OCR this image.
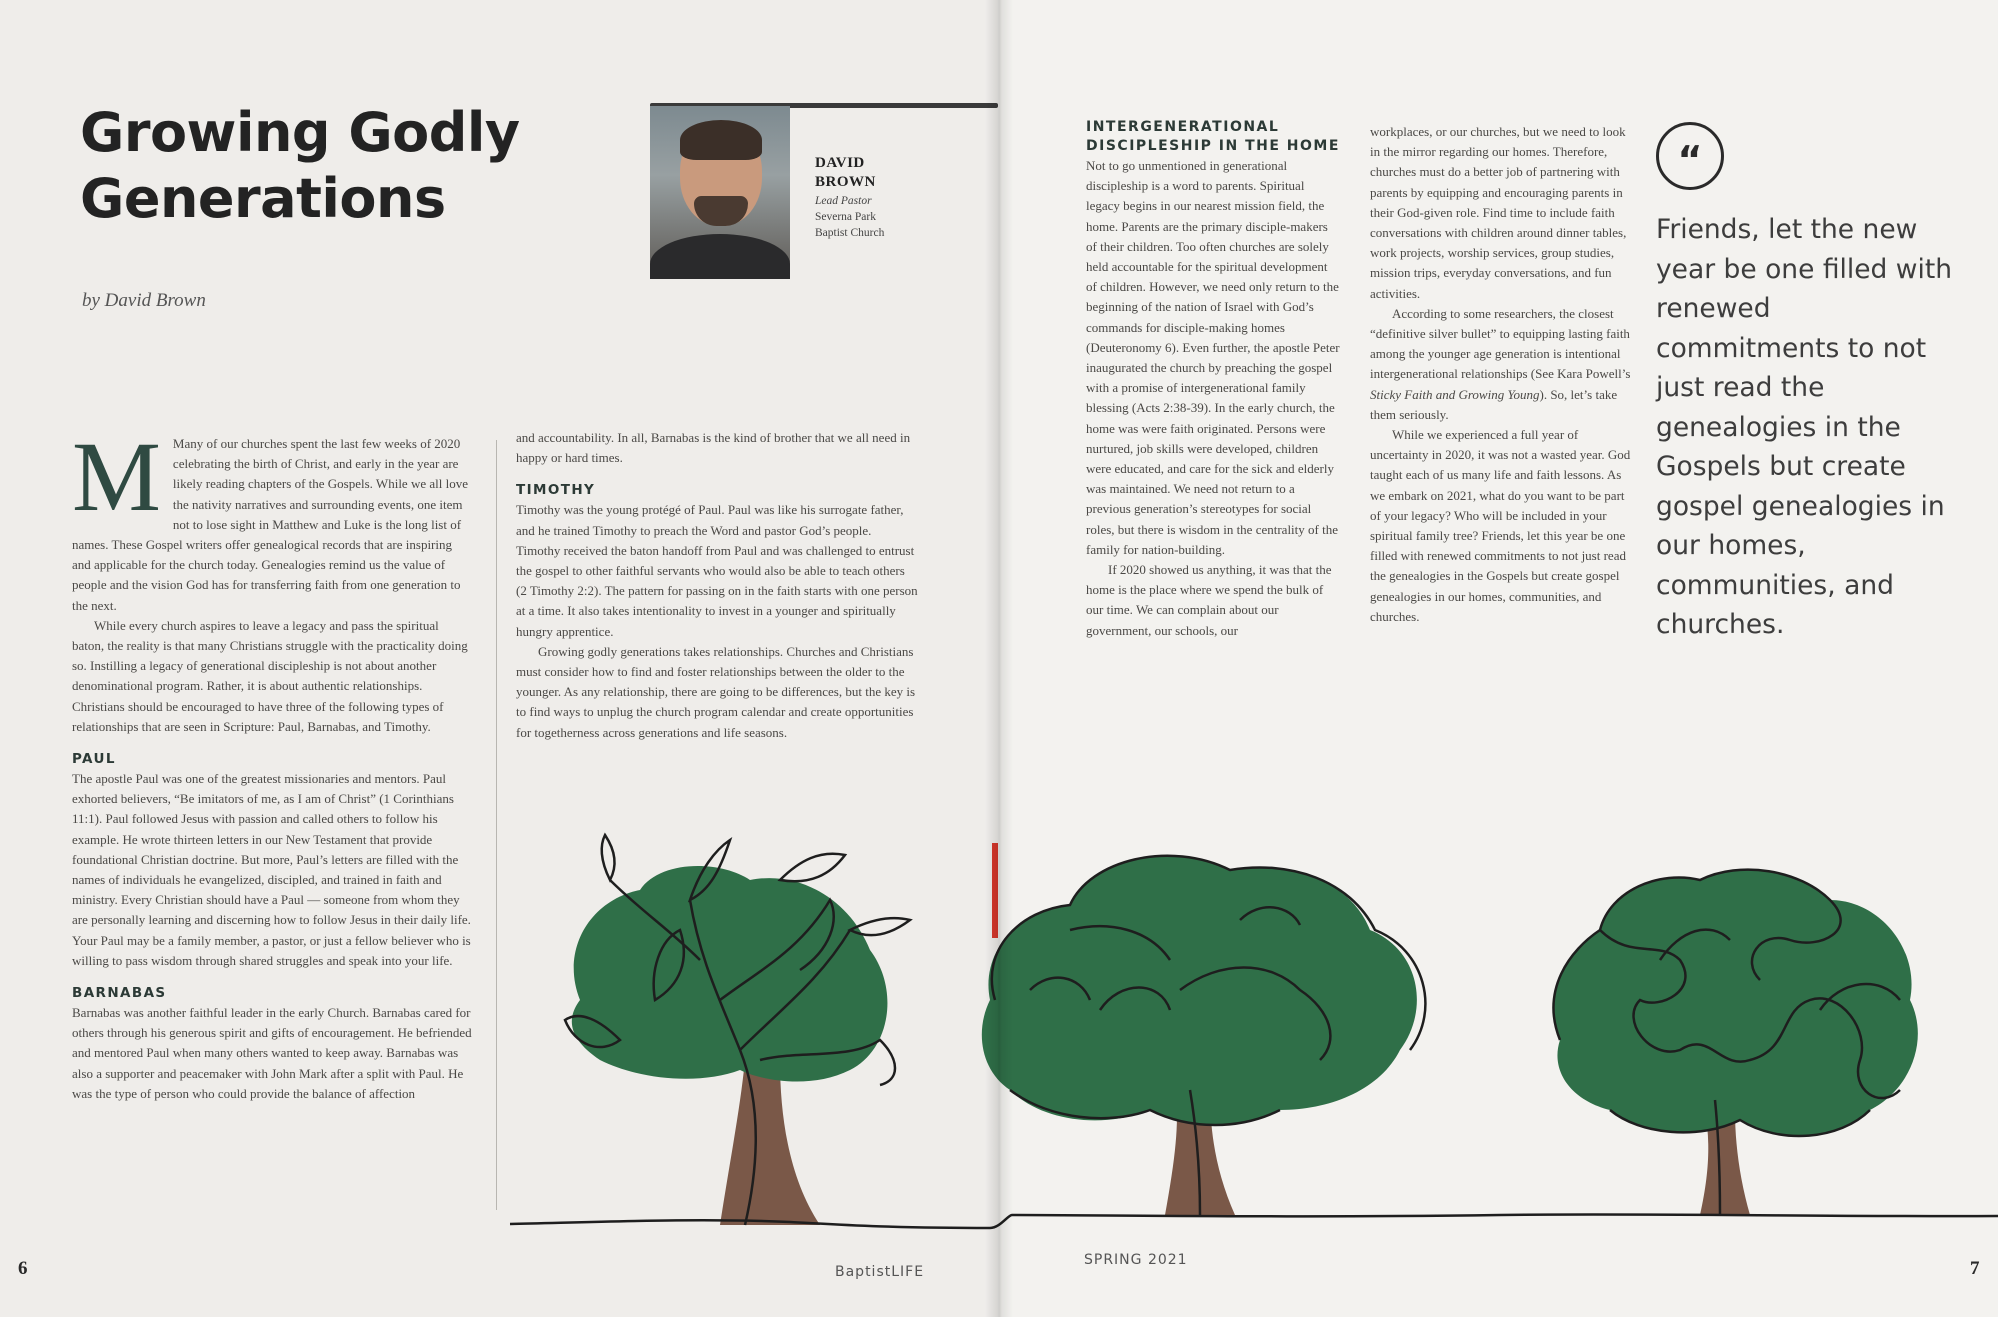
Growing Godly
Generations
by David Brown
DAVID
BROWN
Lead Pastor
Severna Park
Baptist Church

M Many of our churches spent the last few weeks of 2020 celebrating the birth of Christ, and early in the year are likely reading chapters of the Gospels. While we all love the nativity narratives and surrounding events, one item not to lose sight in Matthew and Luke is the long list of names. These Gospel writers offer genealogical records that are inspiring and applicable for the church today. Genealogies remind us the value of people and the vision God has for transferring faith from one generation to the next.

While every church aspires to leave a legacy and pass the spiritual baton, the reality is that many Christians struggle with the practicality doing so. Instilling a legacy of generational discipleship is not about another denominational program. Rather, it is about authentic relationships. Christians should be encouraged to have three of the following types of relationships that are seen in Scripture: Paul, Barnabas, and Timothy.

PAUL

The apostle Paul was one of the greatest missionaries and mentors. Paul exhorted believers, “Be imitators of me, as I am of Christ” (1 Corinthians 11:1). Paul followed Jesus with passion and called others to follow his example. He wrote thirteen letters in our New Testament that provide foundational Christian doctrine. But more, Paul’s letters are filled with the names of individuals he evangelized, discipled, and trained in faith and ministry. Every Christian should have a Paul — someone from whom they are personally learning and discerning how to follow Jesus in their daily life. Your Paul may be a family member, a pastor, or just a fellow believer who is willing to pass wisdom through shared struggles and speak into your life.

BARNABAS

Barnabas was another faithful leader in the early Church. Barnabas cared for others through his generous spirit and gifts of encouragement. He befriended and mentored Paul when many others wanted to keep away. Barnabas was also a supporter and peacemaker with John Mark after a split with Paul. He was the type of person who could provide the balance of affection

and accountability. In all, Barnabas is the kind of brother that we all need in happy or hard times.

TIMOTHY

Timothy was the young protégé of Paul. Paul was like his surrogate father, and he trained Timothy to preach the Word and pastor God’s people. Timothy received the baton handoff from Paul and was challenged to entrust the gospel to other faithful servants who would also be able to teach others (2 Timothy 2:2). The pattern for passing on in the faith starts with one person at a time. It also takes intentionality to invest in a younger and spiritually hungry apprentice.

Growing godly generations takes relationships. Churches and Christians must consider how to find and foster relationships between the older to the younger. As any relationship, there are going to be differences, but the key is to find ways to unplug the church program calendar and create opportunities for togetherness across generations and life seasons.

6	BaptistLIFE
INTERGENERATIONAL
DISCIPLESHIP IN THE HOME

Not to go unmentioned in generational discipleship is a word to parents. Spiritual legacy begins in our nearest mission field, the home. Parents are the primary disciple-makers of their children. Too often churches are solely held accountable for the spiritual development of children. However, we need only return to the beginning of the nation of Israel with God’s commands for disciple-making homes (Deuteronomy 6). Even further, the apostle Peter inaugurated the church by preaching the gospel with a promise of intergenerational family blessing (Acts 2:38-39). In the early church, the home was were faith originated. Persons were nurtured, job skills were developed, children were educated, and care for the sick and elderly was maintained. We need not return to a previous generation’s stereotypes for social roles, but there is wisdom in the centrality of the family for nation-building.

If 2020 showed us anything, it was that the home is the place where we spend the bulk of our time. We can complain about our government, our schools, our

workplaces, or our churches, but we need to look in the mirror regarding our homes. Therefore, churches must do a better job of partnering with parents by equipping and encouraging parents in their God-given role. Find time to include faith conversations with children around dinner tables, work projects, worship services, group studies, mission trips, everyday conversations, and fun activities.

According to some researchers, the closest “definitive silver bullet” to equipping lasting faith among the younger age generation is intentional intergenerational relationships (See Kara Powell’s Sticky Faith and Growing Young). So, let’s take them seriously.

While we experienced a full year of uncertainty in 2020, it was not a wasted year. God taught each of us many life and faith lessons. As we embark on 2021, what do you want to be part of your legacy? Who will be included in your spiritual family tree? Friends, let this year be one filled with renewed commitments to not just read the genealogies in the Gospels but create gospel genealogies in our homes, communities, and churches.

SPRING 2021	7
“

Friends, let the new year be one filled with renewed commitments to not just read the genealogies in the Gospels but create gospel genealogies in our homes, communities, and churches.
